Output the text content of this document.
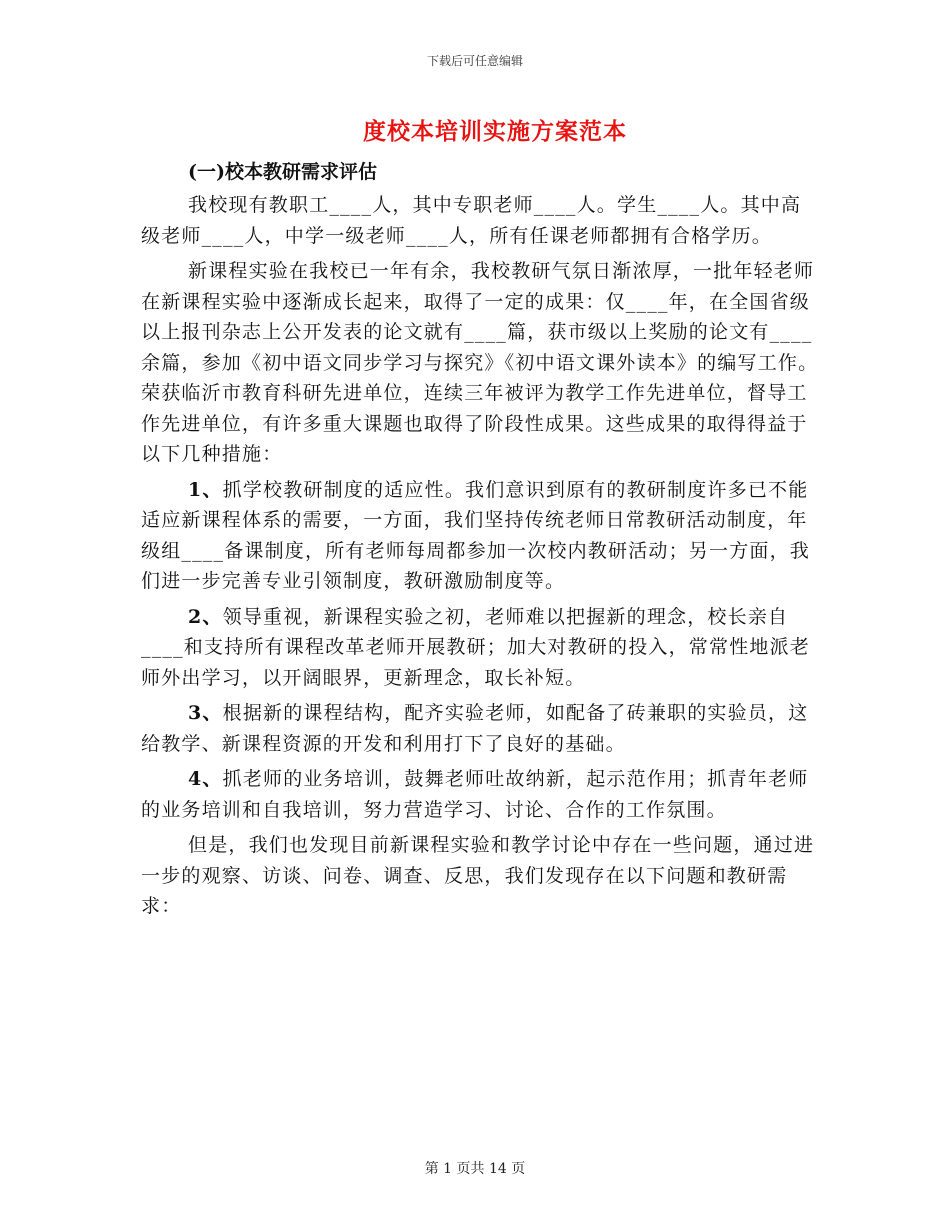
下载后可任意编辑
度校本培训实施方案范本
(一)校本教研需求评估

我校现有教职工____人，其中专职老师____人。学生____人。其中高级老师____人，中学一级老师____人，所有任课老师都拥有合格学历。

新课程实验在我校已一年有余，我校教研气氛日渐浓厚，一批年轻老师在新课程实验中逐渐成长起来，取得了一定的成果：仅____年，在全国省级以上报刊杂志上公开发表的论文就有____篇，获市级以上奖励的论文有____余篇，参加《初中语文同步学习与探究》《初中语文课外读本》的编写工作。荣获临沂市教育科研先进单位，连续三年被评为教学工作先进单位，督导工作先进单位，有许多重大课题也取得了阶段性成果。这些成果的取得得益于以下几种措施：

1、抓学校教研制度的适应性。我们意识到原有的教研制度许多已不能适应新课程体系的需要，一方面，我们坚持传统老师日常教研活动制度，年级组____备课制度，所有老师每周都参加一次校内教研活动；另一方面，我们进一步完善专业引领制度，教研激励制度等。

2、领导重视，新课程实验之初，老师难以把握新的理念，校长亲自____和支持所有课程改革老师开展教研；加大对教研的投入，常常性地派老师外出学习，以开阔眼界，更新理念，取长补短。

3、根据新的课程结构，配齐实验老师，如配备了砖兼职的实验员，这给教学、新课程资源的开发和利用打下了良好的基础。

4、抓老师的业务培训，鼓舞老师吐故纳新，起示范作用；抓青年老师的业务培训和自我培训，努力营造学习、讨论、合作的工作氛围。

但是，我们也发现目前新课程实验和教学讨论中存在一些问题，通过进一步的观察、访谈、问卷、调查、反思，我们发现存在以下问题和教研需求：

第 1 页共 14 页
